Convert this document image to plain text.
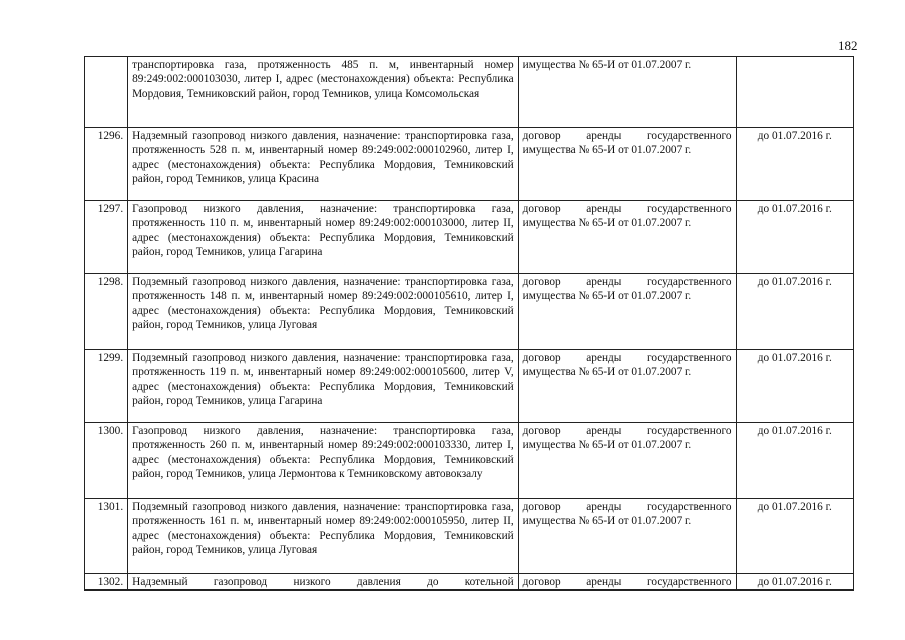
182
	транспортировка газа, протяженность 485 п. м, инвентарный номер 89:249:002:000103030, литер I, адрес (местонахождения) объекта: Республика Мордовия, Темниковский район, город Темников, улица Комсомольская	имущества № 65-И от 01.07.2007 г.	
1296.	Надземный газопровод низкого давления, назначение: транспортировка газа, протяженность 528 п. м, инвентарный номер 89:249:002:000102960, литер I, адрес (местонахождения) объекта: Республика Мордовия, Темниковский район, город Темников, улица Красина	договор аренды государственного имущества № 65-И от 01.07.2007 г.	до 01.07.2016 г.
1297.	Газопровод низкого давления, назначение: транспортировка газа, протяженность 110 п. м, инвентарный номер 89:249:002:000103000, литер II, адрес (местонахождения) объекта: Республика Мордовия, Темниковский район, город Темников, улица Гагарина	договор аренды государственного имущества № 65-И от 01.07.2007 г.	до 01.07.2016 г.
1298.	Подземный газопровод низкого давления, назначение: транспортировка газа, протяженность 148 п. м, инвентарный номер 89:249:002:000105610, литер I, адрес (местонахождения) объекта: Республика Мордовия, Темниковский район, город Темников, улица Луговая	договор аренды государственного имущества № 65-И от 01.07.2007 г.	до 01.07.2016 г.
1299.	Подземный газопровод низкого давления, назначение: транспортировка газа, протяженность 119 п. м, инвентарный номер 89:249:002:000105600, литер V, адрес (местонахождения) объекта: Республика Мордовия, Темниковский район, город Темников, улица Гагарина	договор аренды государственного имущества № 65-И от 01.07.2007 г.	до 01.07.2016 г.
1300.	Газопровод низкого давления, назначение: транспортировка газа, протяженность 260 п. м, инвентарный номер 89:249:002:000103330, литер I, адрес (местонахождения) объекта: Республика Мордовия, Темниковский район, город Темников, улица Лермонтова к Темниковскому автовокзалу	договор аренды государственного имущества № 65-И от 01.07.2007 г.	до 01.07.2016 г.
1301.	Подземный газопровод низкого давления, назначение: транспортировка газа, протяженность 161 п. м, инвентарный номер 89:249:002:000105950, литер II, адрес (местонахождения) объекта: Республика Мордовия, Темниковский район, город Темников, улица Луговая	договор аренды государственного имущества № 65-И от 01.07.2007 г.	до 01.07.2016 г.
1302.	Надземный газопровод низкого давления до котельной	договор аренды государственного	до 01.07.2016 г.
